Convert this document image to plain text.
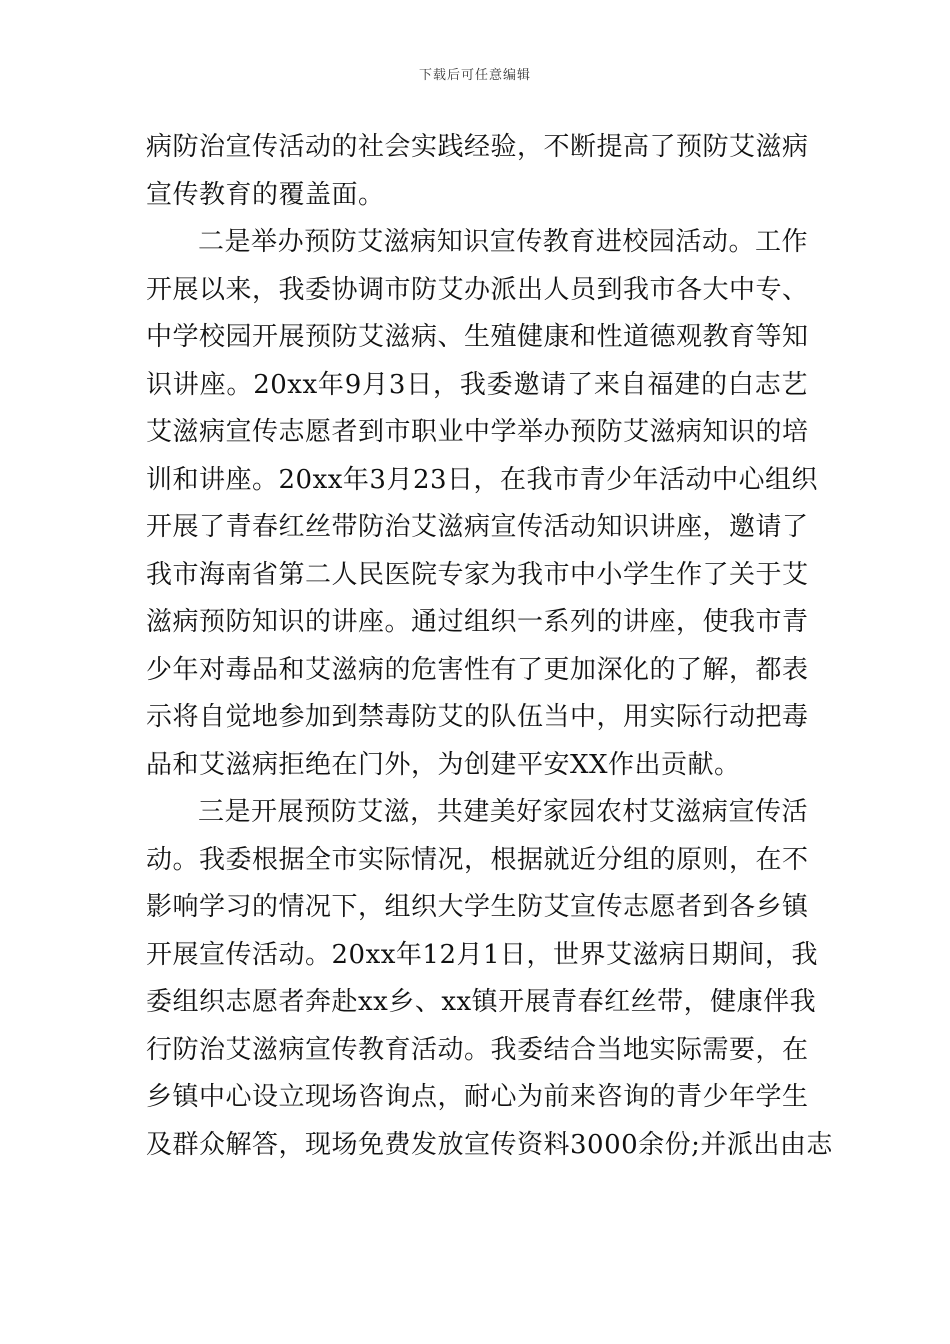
下载后可任意编辑
病防治宣传活动的社会实践经验，不断提高了预防艾滋病
宣传教育的覆盖面。
二是举办预防艾滋病知识宣传教育进校园活动。工作
开展以来，我委协调市防艾办派出人员到我市各大中专、
中学校园开展预防艾滋病、生殖健康和性道德观教育等知
识讲座。20xx年9月3日，我委邀请了来自福建的白志艺
艾滋病宣传志愿者到市职业中学举办预防艾滋病知识的培
训和讲座。20xx年3月23日，在我市青少年活动中心组织
开展了青春红丝带防治艾滋病宣传活动知识讲座，邀请了
我市海南省第二人民医院专家为我市中小学生作了关于艾
滋病预防知识的讲座。通过组织一系列的讲座，使我市青
少年对毒品和艾滋病的危害性有了更加深化的了解，都表
示将自觉地参加到禁毒防艾的队伍当中，用实际行动把毒
品和艾滋病拒绝在门外，为创建平安XX作出贡献。
三是开展预防艾滋，共建美好家园农村艾滋病宣传活
动。我委根据全市实际情况，根据就近分组的原则，在不
影响学习的情况下，组织大学生防艾宣传志愿者到各乡镇
开展宣传活动。20xx年12月1日，世界艾滋病日期间，我
委组织志愿者奔赴xx乡、xx镇开展青春红丝带，健康伴我
行防治艾滋病宣传教育活动。我委结合当地实际需要，在
乡镇中心设立现场咨询点，耐心为前来咨询的青少年学生
及群众解答，现场免费发放宣传资料3000余份;并派出由志
